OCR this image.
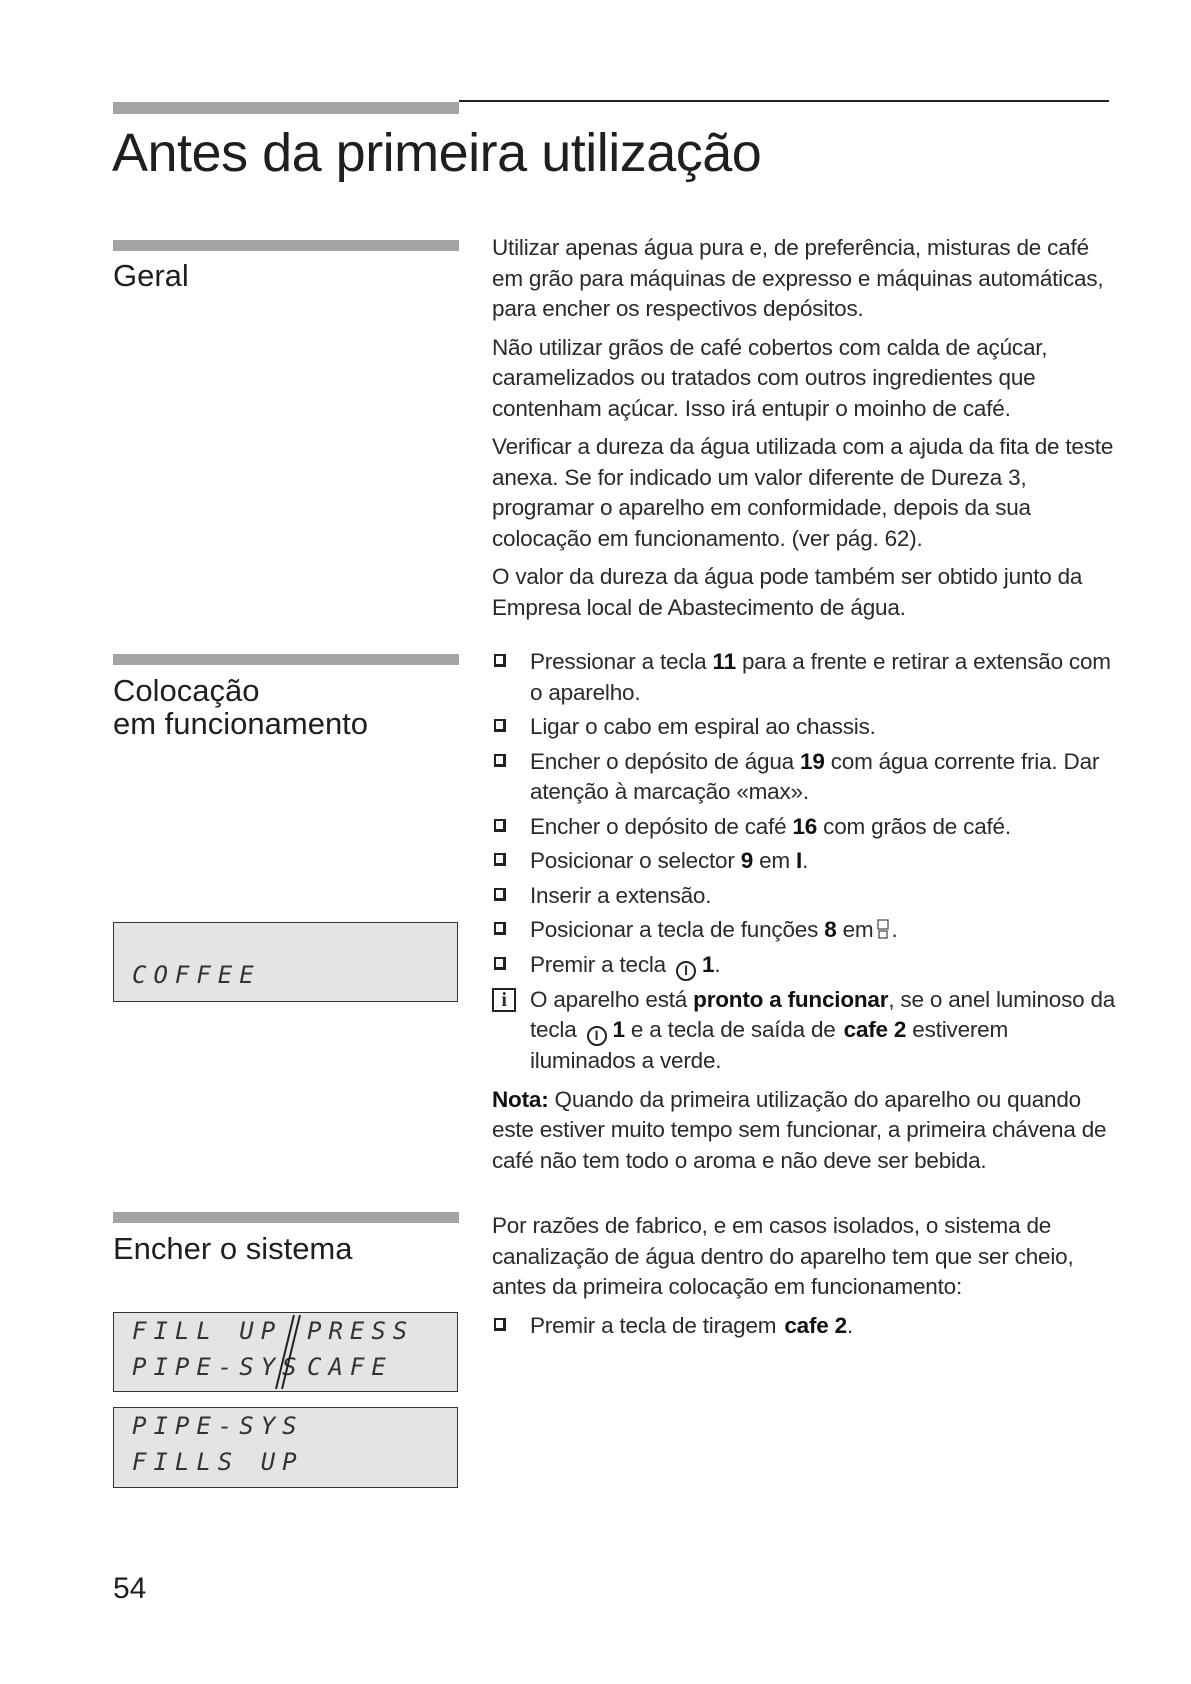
Antes da primeira utilização
Geral

Utilizar apenas água pura e, de preferência, misturas de café em grão para máquinas de expresso e máquinas automáticas, para encher os respectivos depósitos.

Não utilizar grãos de café cobertos com calda de açúcar, caramelizados ou tratados com outros ingredientes que contenham açúcar. Isso irá entupir o moinho de café.

Verificar a dureza da água utilizada com a ajuda da fita de teste anexa. Se for indicado um valor diferente de Dureza 3, programar o aparelho em conformidade, depois da sua colocação em funcionamento. (ver pág. 62).

O valor da dureza da água pode também ser obtido junto da Empresa local de Abastecimento de água.

Colocação
em funcionamento
COFFEE
Pressionar a tecla 11 para a frente e retirar a extensão com o aparelho.
Ligar o cabo em espiral ao chassis.
Encher o depósito de água 19 com água corrente fria. Dar atenção à marcação «max».
Encher o depósito de café 16 com grãos de café.
Posicionar o selector 9 em I.
Inserir a extensão.
Posicionar a tecla de funções 8 em .
Premir a tecla I 1.
i	O aparelho está pronto a funcionar, se o anel luminoso da tecla I 1 e a tecla de saída de cafe 2 estiverem iluminados a verde.

Nota: Quando da primeira utilização do aparelho ou quando este estiver muito tempo sem funcionar, a primeira chávena de café não tem todo o aroma e não deve ser bebida.

Encher o sistema
FILL UP
PIPE-SYS
PRESS
CAFE
PIPE-SYS
FILLS UP

Por razões de fabrico, e em casos isolados, o sistema de canalização de água dentro do aparelho tem que ser cheio, antes da primeira colocação em funcionamento:

Premir a tecla de tiragem cafe 2.
54
